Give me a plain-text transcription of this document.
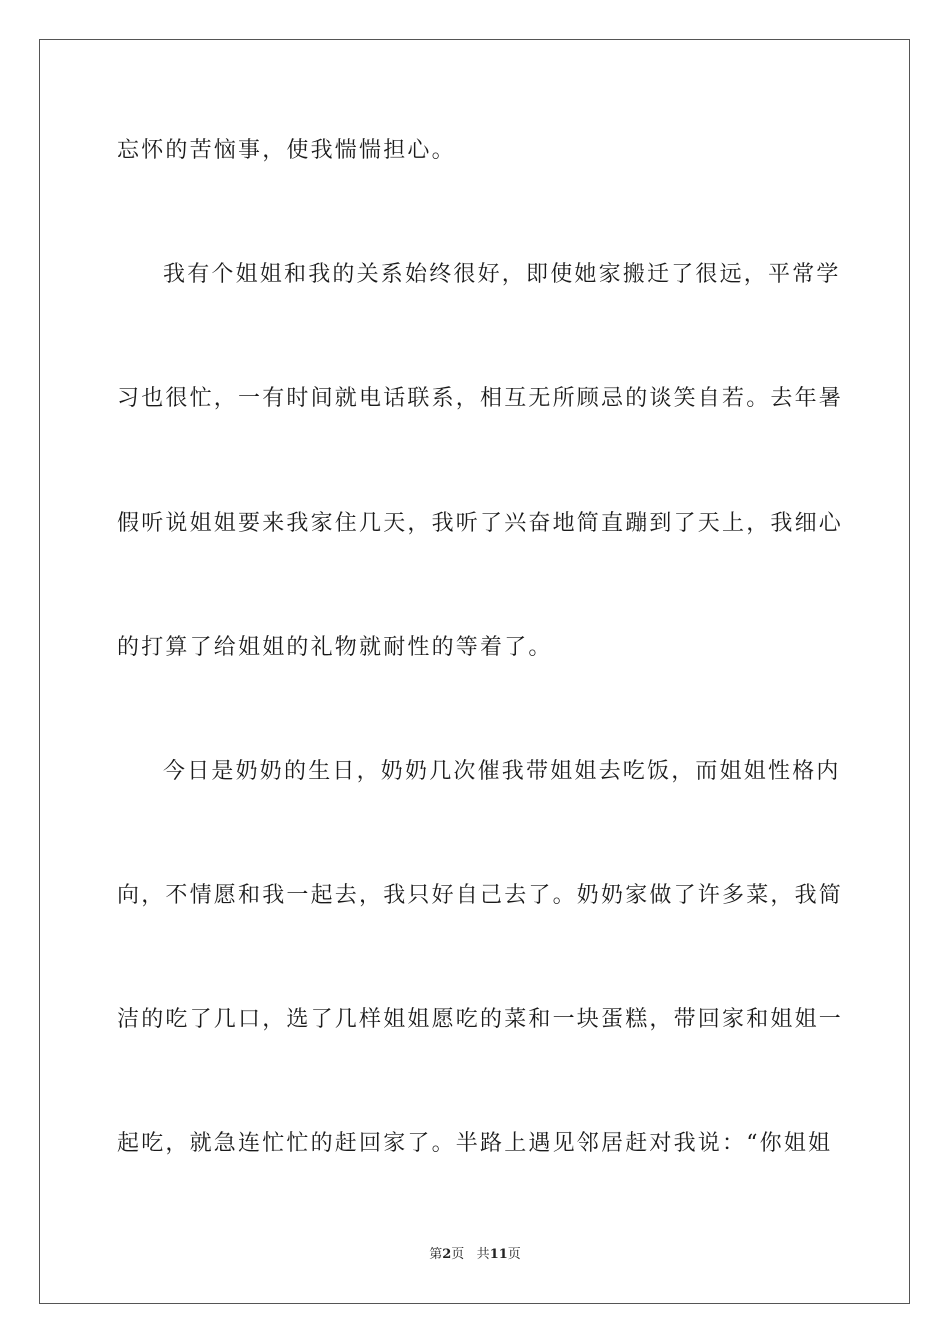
忘怀的苦恼事，使我惴惴担心。
我有个姐姐和我的关系始终很好，即使她家搬迁了很远，平常学
习也很忙，一有时间就电话联系，相互无所顾忌的谈笑自若。去年暑
假听说姐姐要来我家住几天，我听了兴奋地简直蹦到了天上，我细心
的打算了给姐姐的礼物就耐性的等着了。
今日是奶奶的生日，奶奶几次催我带姐姐去吃饭，而姐姐性格内
向，不情愿和我一起去，我只好自己去了。奶奶家做了许多菜，我简
洁的吃了几口，选了几样姐姐愿吃的菜和一块蛋糕，带回家和姐姐一
起吃，就急连忙忙的赶回家了。半路上遇见邻居赶对我说：“你姐姐
第2页 共11页
